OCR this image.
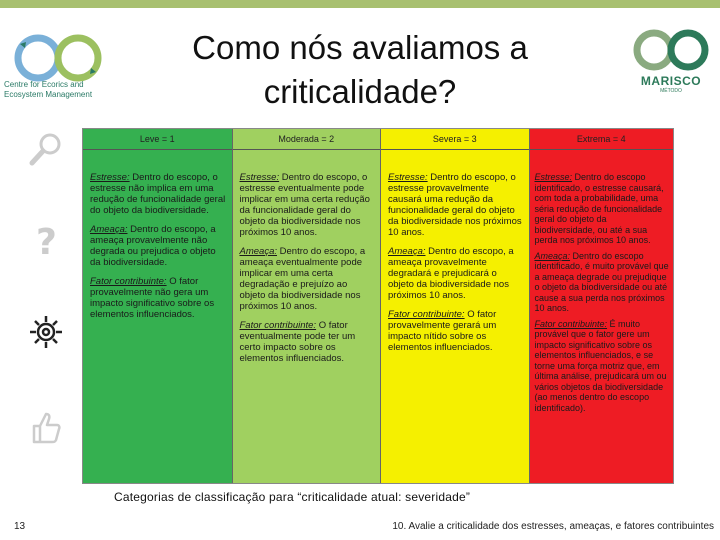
Centre for Ecorics and
Ecosystem Management
Como nós avaliamos a criticalidade?	MARISCO
MÉTODO
?
Leve = 1

Estresse: Dentro do escopo, o estresse não implica em uma redução de funcionalidade geral do objeto da biodiversidade.

Ameaça: Dentro do escopo, a ameaça provavelmente não degrada ou prejudica o objeto da biodiversidade.

Fator contribuinte: O fator provavelmente não gera um impacto significativo sobre os elementos influenciados.

Moderada = 2

Estresse: Dentro do escopo, o estresse eventualmente pode implicar em uma certa redução da funcionalidade geral do objeto da biodiversidade nos próximos 10 anos.

Ameaça: Dentro do escopo, a ameaça eventualmente pode implicar em uma certa degradação e prejuízo ao objeto da biodiversidade nos próximos 10 anos.

Fator contribuinte: O fator eventualmente pode ter um certo impacto sobre os elementos influenciados.

Severa = 3

Estresse: Dentro do escopo, o estresse provavelmente causará uma redução da funcionalidade geral do objeto da biodiversidade nos próximos 10 anos.

Ameaça: Dentro do escopo, a ameaça provavelmente degradará e prejudicará o objeto da biodiversidade nos próximos 10 anos.

Fator contribuinte: O fator provavelmente gerará um impacto nítido sobre os elementos influenciados.

Extrema = 4

Estresse: Dentro do escopo identificado, o estresse causará, com toda a probabilidade, uma séria redução de funcionalidade geral do objeto da biodiversidade, ou até a sua perda nos próximos 10 anos.

Ameaça: Dentro do escopo identificado, é muito provável que a ameaça degrade ou prejudique o objeto da biodiversidade ou até cause a sua perda nos próximos 10 anos.

Fator contribuinte: É muito provável que o fator gere um impacto significativo sobre os elementos influenciados, e se torne uma força motriz que, em última análise, prejudicará um ou vários objetos da biodiversidade (ao menos dentro do escopo identificado).

Categorias de classificação para “criticalidade atual: severidade”
13	10. Avalie a criticalidade dos estresses, ameaças, e fatores contribuintes
